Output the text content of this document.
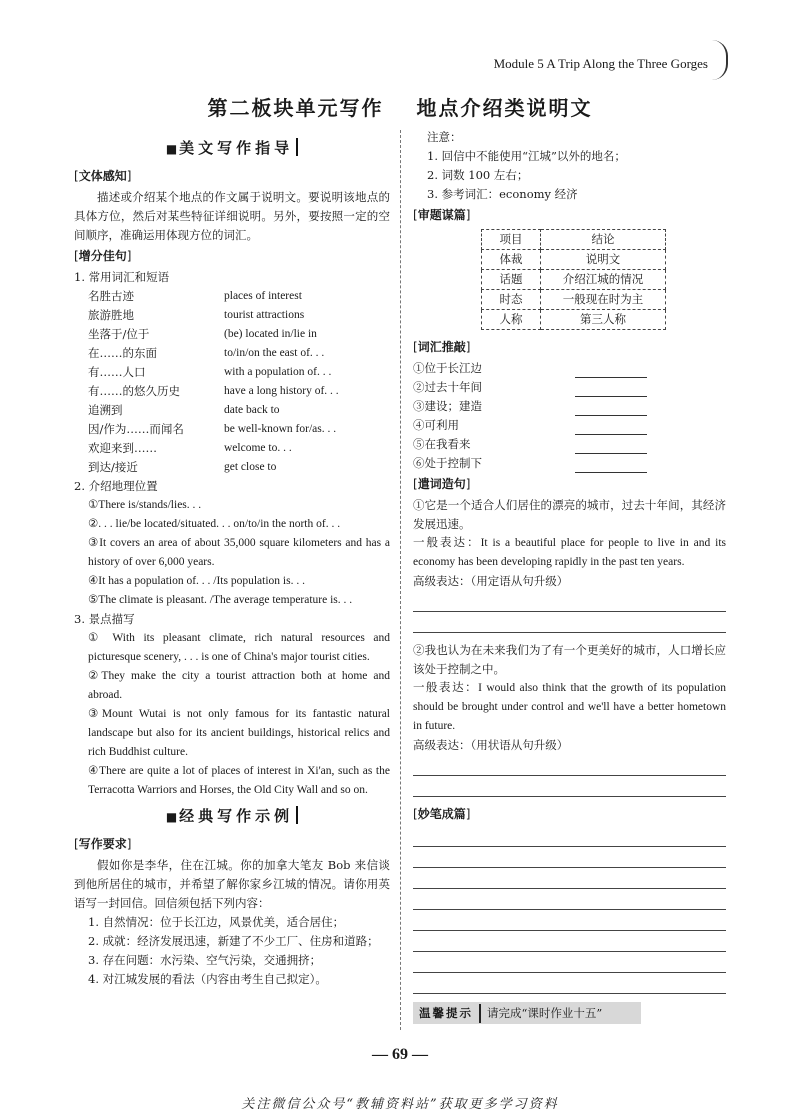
Module 5 A Trip Along the Three Gorges
第二板块单元写作 地点介绍类说明文
■ 美文写作指导
[文体感知]

描述或介绍某个地点的作文属于说明文。要说明该地点的具体方位，然后对某些特征详细说明。另外，要按照一定的空间顺序，准确运用体现方位的词汇。

[增分佳句]

1. 常用词汇和短语

名胜古迹	places of interest
旅游胜地	tourist attractions
坐落于/位于	(be) located in/lie in
在……的东面	to/in/on the east of. . .
有……人口	with a population of. . .
有……的悠久历史	have a long history of. . .
追溯到	date back to
因/作为……而闻名	be well-known for/as. . .
欢迎来到……	welcome to. . .
到达/接近	get close to

2. 介绍地理位置

①There is/stands/lies. . .

②. . . lie/be located/situated. . . on/to/in the north of. . .

③It covers an area of about 35,000 square kilometers and has a history of over 6,000 years.

④It has a population of. . . /Its population is. . .

⑤The climate is pleasant. /The average temperature is. . .

3. 景点描写

① With its pleasant climate, rich natural resources and picturesque scenery, . . . is one of China's major tourist cities.

②They make the city a tourist attraction both at home and abroad.

③Mount Wutai is not only famous for its fantastic natural landscape but also for its ancient buildings, historical relics and rich Buddhist culture.

④There are quite a lot of places of interest in Xi'an, such as the Terracotta Warriors and Horses, the Old City Wall and so on.

■ 经典写作示例
[写作要求]

假如你是李华，住在江城。你的加拿大笔友 Bob 来信谈到他所居住的城市，并希望了解你家乡江城的情况。请你用英语写一封回信。回信须包括下列内容：

1. 自然情况：位于长江边，风景优美，适合居住；

2. 成就：经济发展迅速，新建了不少工厂、住房和道路；

3. 存在问题：水污染、空气污染，交通拥挤；

4. 对江城发展的看法（内容由考生自己拟定）。

注意：

1. 回信中不能使用“江城”以外的地名；

2. 词数 100 左右；

3. 参考词汇：economy 经济

[审题谋篇]
项目	结论
体裁	说明文
话题	介绍江城的情况
时态	一般现在时为主
人称	第三人称
[词汇推敲]
①位于长江边
②过去十年间
③建设；建造
④可利用
⑤在我看来
⑥处于控制下
[遣词造句]

①它是一个适合人们居住的漂亮的城市，过去十年间，其经济发展迅速。

一般表达：It is a beautiful place for people to live in and its economy has been developing rapidly in the past ten years.

高级表达：（用定语从句升级）

②我也认为在未来我们为了有一个更美好的城市，人口增长应该处于控制之中。

一般表达：I would also think that the growth of its population should be brought under control and we'll have a better hometown in future.

高级表达：（用状语从句升级）

[妙笔成篇]
温馨提示	请完成“课时作业十五”
— 69 —
关注微信公众号“教辅资料站”获取更多学习资料
